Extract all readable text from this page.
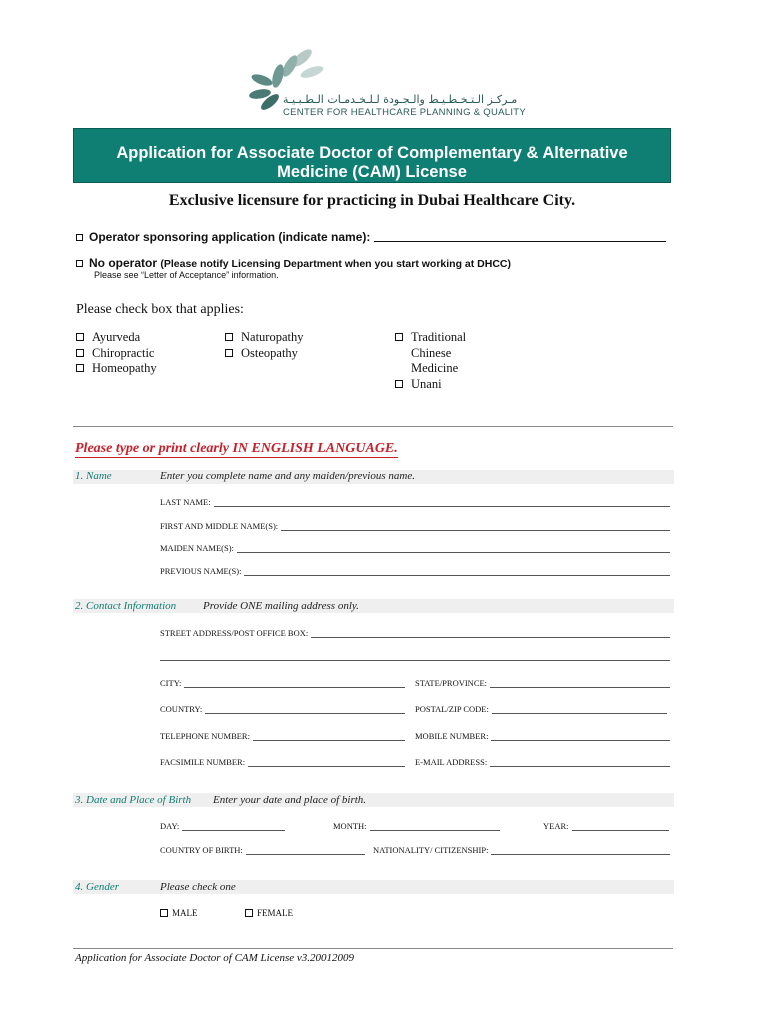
مـركـز الـتـخـطـيـط والـجـودة لـلـخـدمـات الـطـبـيـة
CENTER FOR HEALTHCARE PLANNING & QUALITY
Application for Associate Doctor of Complementary & Alternative
Medicine (CAM) License
Exclusive licensure for practicing in Dubai Healthcare City.
Operator sponsoring application (indicate name):
No operator (Please notify Licensing Department when you start working at DHCC)
Please see “Letter of Acceptance” information.
Please check box that applies:
Ayurveda
Chiropractic
Homeopathy
Naturopathy
Osteopathy
Traditional
Chinese
Medicine
Unani
Please type or print clearly IN ENGLISH LANGUAGE.
1. Name	Enter you complete name and any maiden/previous name.
LAST NAME:
FIRST AND MIDDLE NAME(S):
MAIDEN NAME(S):
PREVIOUS NAME(S):
2. Contact Information Provide ONE mailing address only.
STREET ADDRESS/POST OFFICE BOX:
CITY:	STATE/PROVINCE:
COUNTRY:	POSTAL/ZIP CODE:
TELEPHONE NUMBER:	MOBILE NUMBER:
FACSIMILE NUMBER:	E-MAIL ADDRESS:
3. Date and Place of Birth Enter your date and place of birth.
DAY:	MONTH:	YEAR:
COUNTRY OF BIRTH:	NATIONALITY/ CITIZENSHIP:
4. Gender	Please check one
MALE	FEMALE
Application for Associate Doctor of CAM License v3.20012009
